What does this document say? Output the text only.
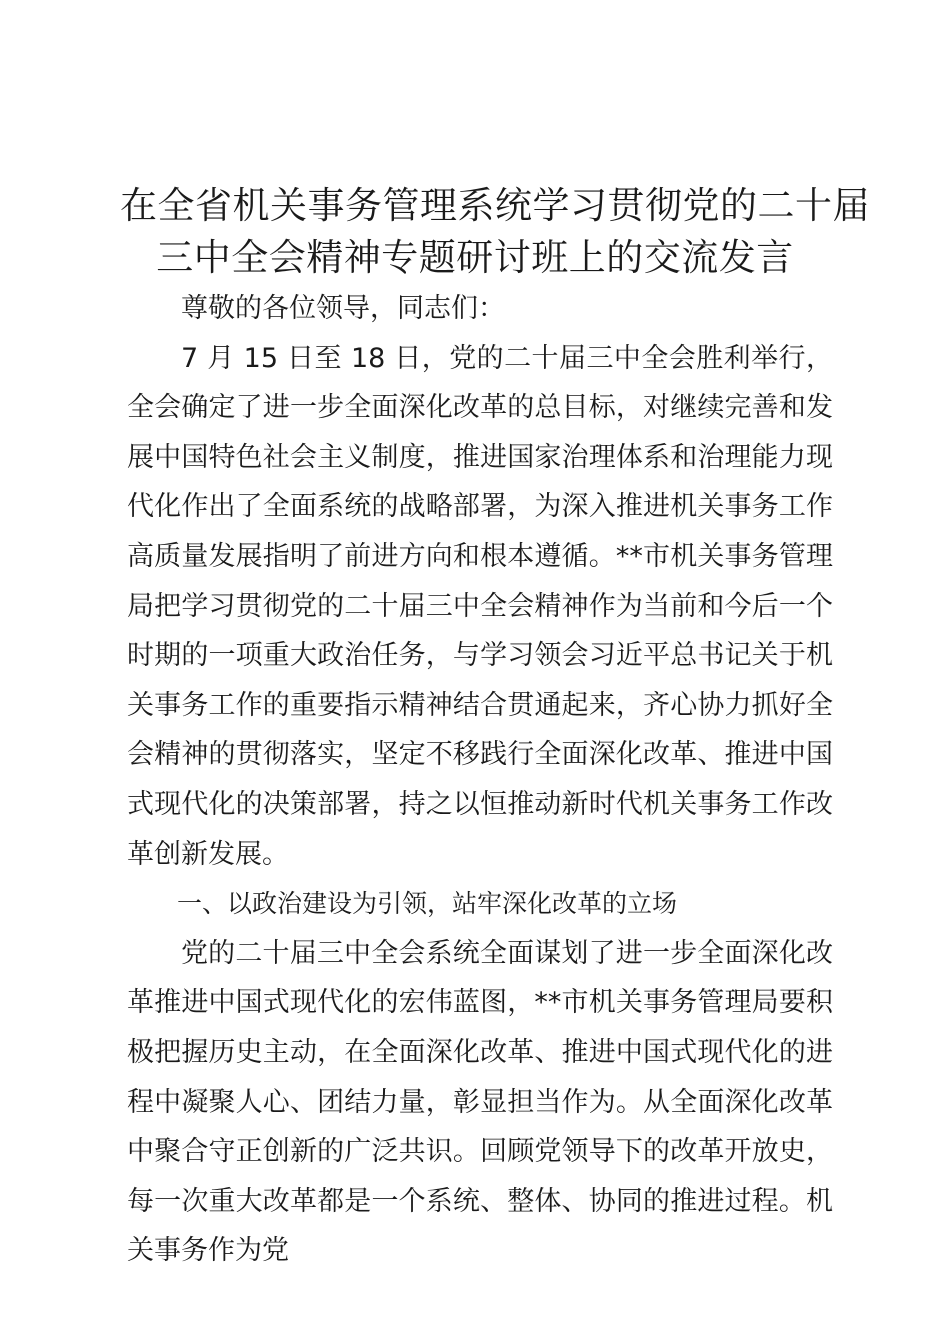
在全省机关事务管理系统学习贯彻党的二十届
三中全会精神专题研讨班上的交流发言

尊敬的各位领导，同志们：

7 月 15 日至 18 日，党的二十届三中全会胜利举行，全会确定了进一步全面深化改革的总目标，对继续完善和发展中国特色社会主义制度，推进国家治理体系和治理能力现代化作出了全面系统的战略部署，为深入推进机关事务工作高质量发展指明了前进方向和根本遵循。**市机关事务管理局把学习贯彻党的二十届三中全会精神作为当前和今后一个时期的一项重大政治任务，与学习领会习近平总书记关于机关事务工作的重要指示精神结合贯通起来，齐心协力抓好全会精神的贯彻落实，坚定不移践行全面深化改革、推进中国式现代化的决策部署，持之以恒推动新时代机关事务工作改革创新发展。

一、以政治建设为引领，站牢深化改革的立场

党的二十届三中全会系统全面谋划了进一步全面深化改革推进中国式现代化的宏伟蓝图，**市机关事务管理局要积极把握历史主动，在全面深化改革、推进中国式现代化的进程中凝聚人心、团结力量，彰显担当作为。从全面深化改革中聚合守正创新的广泛共识。回顾党领导下的改革开放史，每一次重大改革都是一个系统、整体、协同的推进过程。机关事务作为党
